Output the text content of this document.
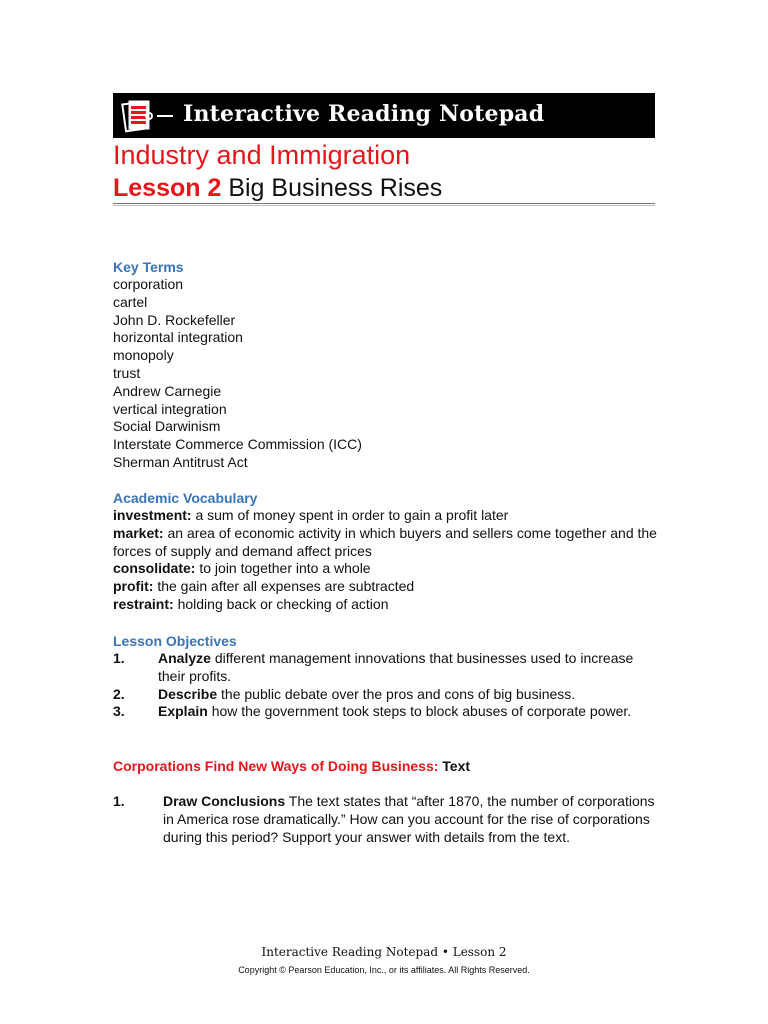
Interactive Reading Notepad
Industry and Immigration
Lesson 2 Big Business Rises
Key Terms
corporation
cartel
John D. Rockefeller
horizontal integration
monopoly
trust
Andrew Carnegie
vertical integration
Social Darwinism
Interstate Commerce Commission (ICC)
Sherman Antitrust Act
Academic Vocabulary
investment: a sum of money spent in order to gain a profit later
market: an area of economic activity in which buyers and sellers come together and the forces of supply and demand affect prices
consolidate: to join together into a whole
profit: the gain after all expenses are subtracted
restraint: holding back or checking of action
Lesson Objectives
1. Analyze different management innovations that businesses used to increase their profits.
2. Describe the public debate over the pros and cons of big business.
3. Explain how the government took steps to block abuses of corporate power.
Corporations Find New Ways of Doing Business: Text
1.	Draw Conclusions The text states that “after 1870, the number of corporations in America rose dramatically.” How can you account for the rise of corporations during this period? Support your answer with details from the text.
Interactive Reading Notepad • Lesson 2
Copyright © Pearson Education, Inc., or its affiliates. All Rights Reserved.
